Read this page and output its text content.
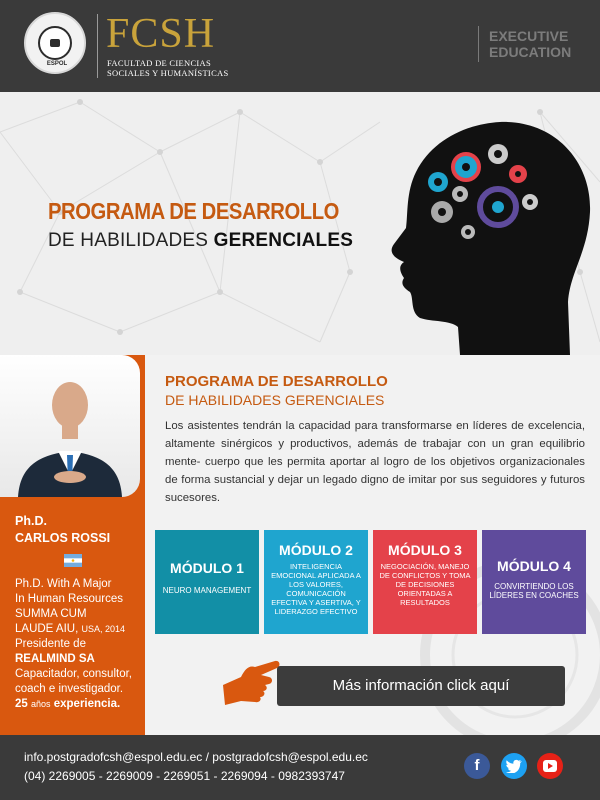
ESPOL
FCSH
FACULTAD DE CIENCIAS
SOCIALES Y HUMANÍSTICAS
EXECUTIVE
EDUCATION
PROGRAMA DE DESARROLLO
DE HABILIDADES GERENCIALES
Ph.D.
CARLOS ROSSI
Ph.D. With A Major
In Human Resources
SUMMA CUM
LAUDE AIU, USA, 2014
Presidente de
REALMIND SA
Capacitador, consultor,
coach e investigador.
25 años experiencia.
PROGRAMA DE DESARROLLO
DE HABILIDADES GERENCIALES
Los asistentes tendrán la capacidad para transformarse en líderes de excelencia, altamente sinérgicos y productivos, además de trabajar con un gran equilibrio mente- cuerpo que les permita aportar al logro de los objetivos organizacionales de forma sustancial y dejar un legado digno de imitar por sus seguidores y futuros sucesores.
MÓDULO 1
NEURO MANAGEMENT
MÓDULO 2
INTELIGENCIA EMOCIONAL APLICADA A LOS VALORES, COMUNICACIÓN EFECTIVA Y ASERTIVA, Y LIDERAZGO EFECTIVO
MÓDULO 3
NEGOCIACIÓN, MANEJO DE CONFLICTOS Y TOMA DE DECISIONES ORIENTADAS A RESULTADOS
MÓDULO 4
CONVIRTIENDO LOS LÍDERES EN COACHES
Más información click aquí
info.postgradofcsh@espol.edu.ec / postgradofcsh@espol.edu.ec
(04) 2269005 - 2269009 - 2269051 - 2269094 - 0982393747
f
